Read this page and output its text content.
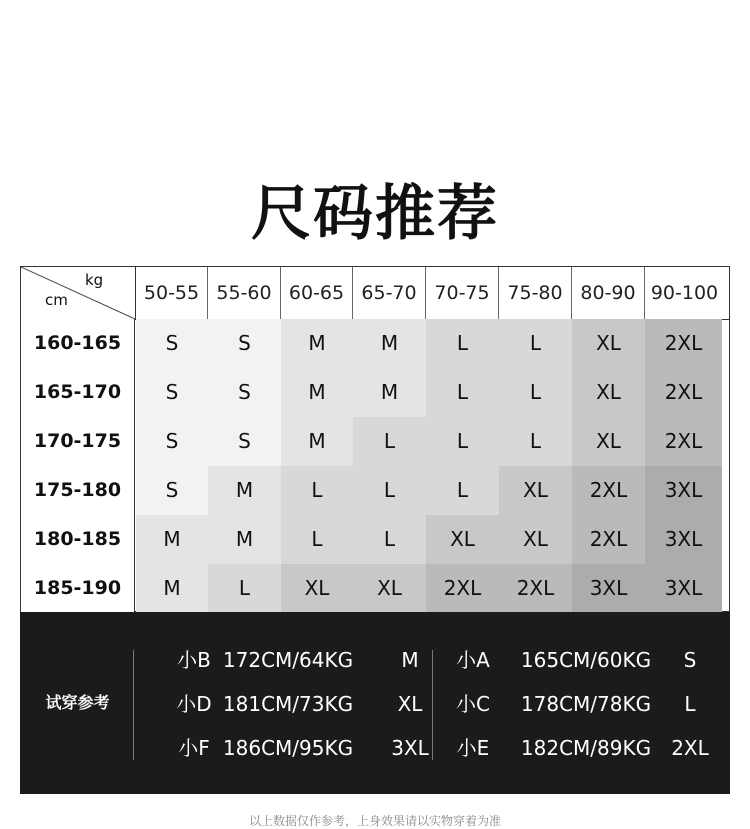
尺码推荐
kg
cm	50-55 55-60 60-65 65-70 70-75 75-80 80-90 90-100
160-165	S	S	M	M	L	L	XL	2XL
165-170	S	S	M	M	L	L	XL	2XL
170-175	S	S	M	L	L	L	XL	2XL
175-180	S	M	L	L	L	XL	2XL	3XL
180-185	M	M	L	L	XL	XL	2XL	3XL
185-190	M	L	XL	XL	2XL	2XL	3XL	3XL
试穿参考
小B 172CM/64KG	M
小D 181CM/73KG	XL
小F 186CM/95KG	3XL
小A	165CM/60KG	S
小C	178CM/78KG	L
小E	182CM/89KG	2XL
以上数据仅作参考，上身效果请以实物穿着为准
